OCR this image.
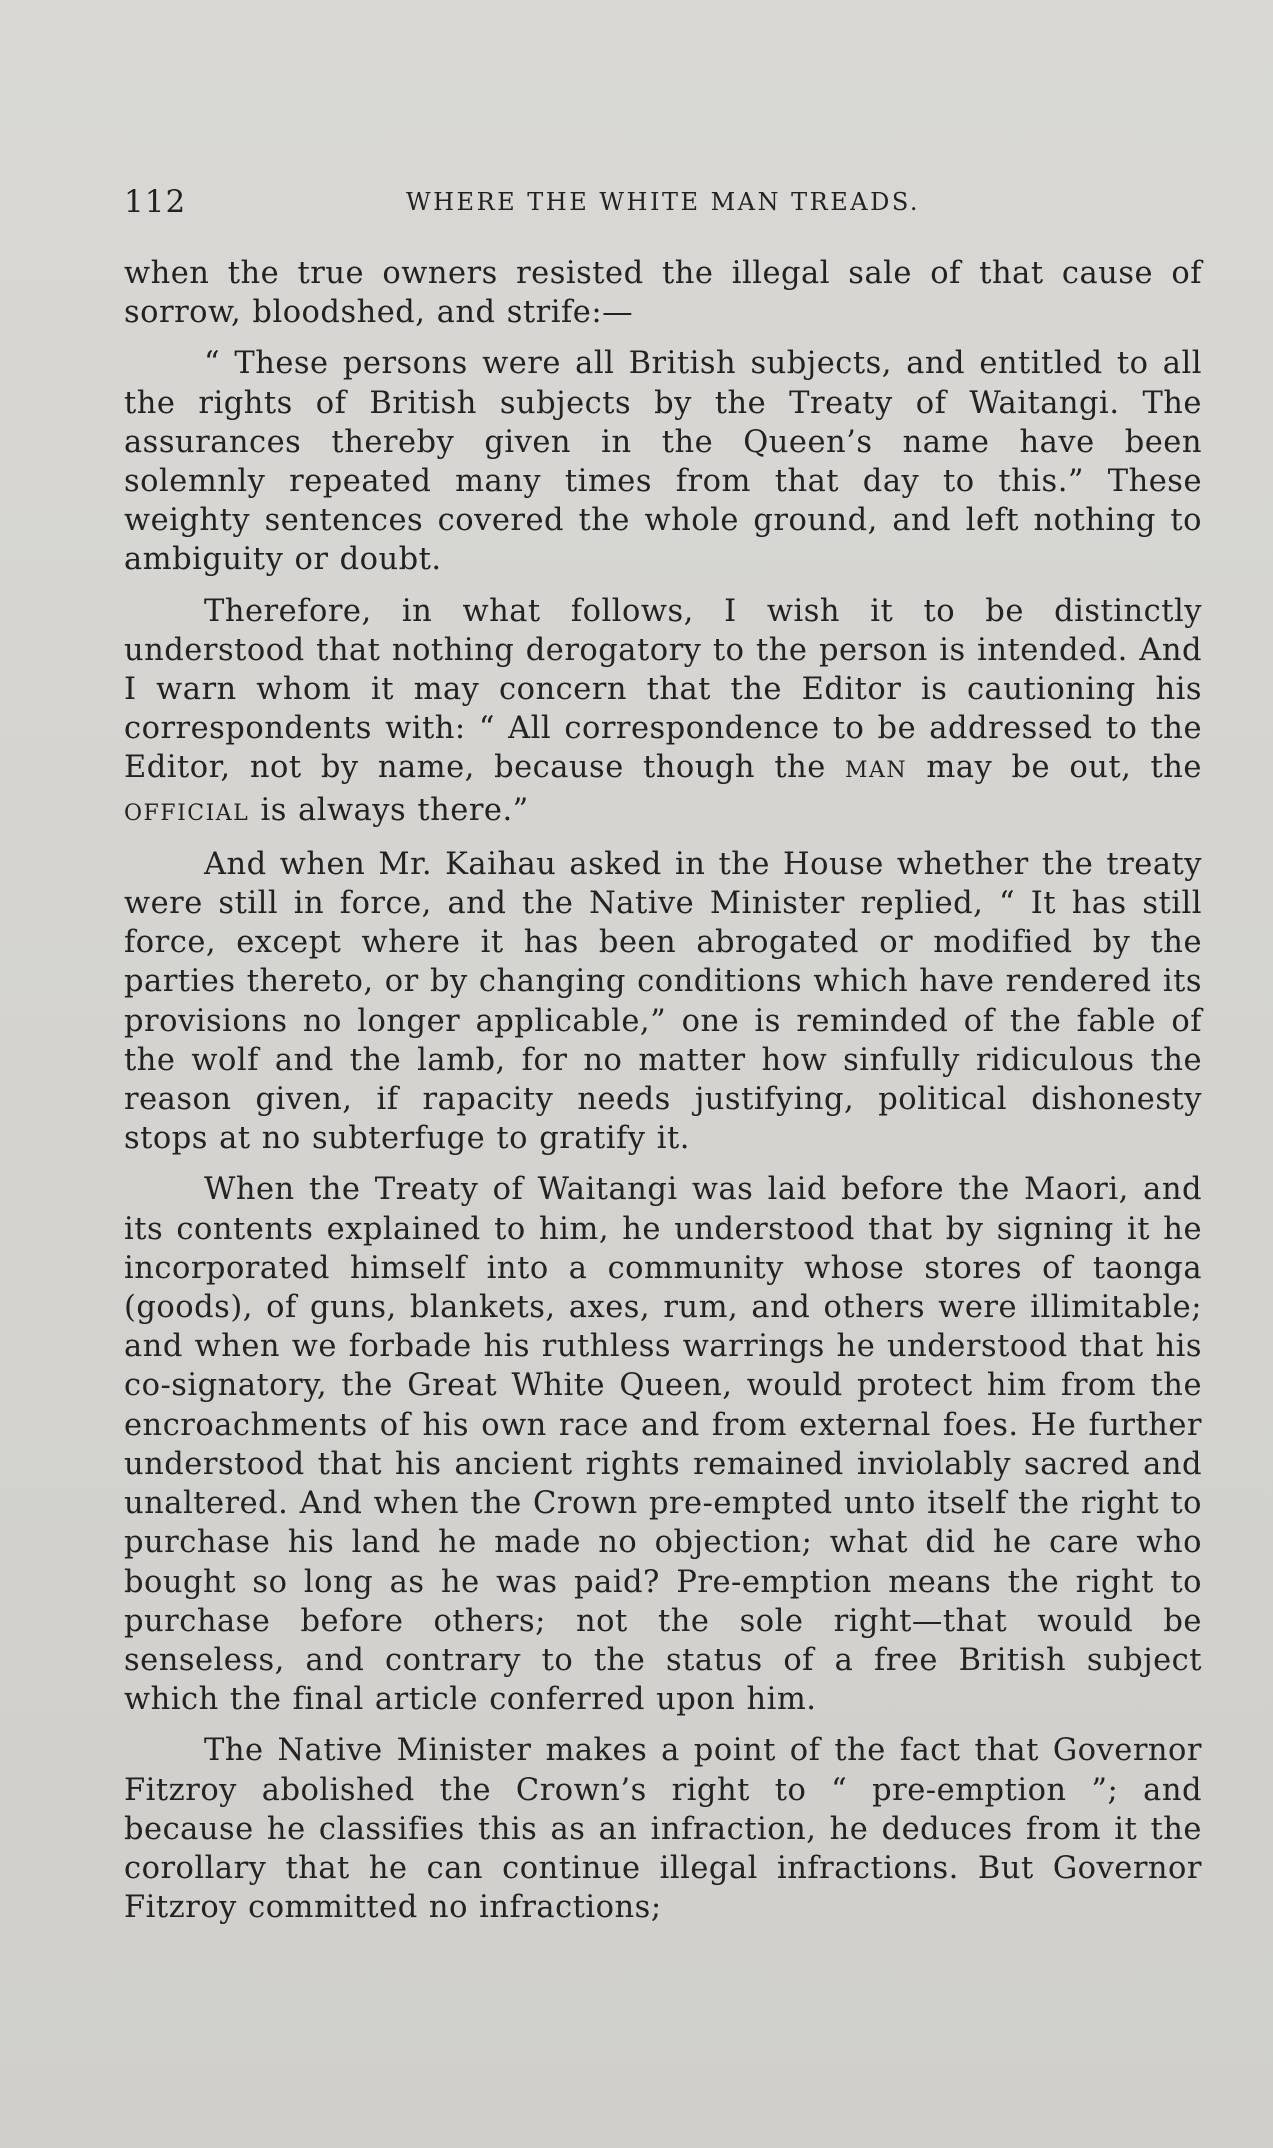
112	WHERE THE WHITE MAN TREADS.

when the true owners resisted the illegal sale of that cause of sorrow, bloodshed, and strife:—

“ These persons were all British subjects, and entitled to all the rights of British subjects by the Treaty of Waitangi. The assurances thereby given in the Queen’s name have been solemnly repeated many times from that day to this.” These weighty sentences covered the whole ground, and left nothing to ambiguity or doubt.

Therefore, in what follows, I wish it to be distinctly understood that nothing derogatory to the person is intended. And I warn whom it may concern that the Editor is cautioning his correspondents with: “ All correspondence to be addressed to the Editor, not by name, because though the MAN may be out, the OFFICIAL is always there.”

And when Mr. Kaihau asked in the House whether the treaty were still in force, and the Native Minister replied, “ It has still force, except where it has been abrogated or modified by the parties thereto, or by changing conditions which have rendered its provisions no longer applicable,” one is reminded of the fable of the wolf and the lamb, for no matter how sinfully ridiculous the reason given, if rapacity needs justifying, political dishonesty stops at no subterfuge to gratify it.

When the Treaty of Waitangi was laid before the Maori, and its contents explained to him, he understood that by signing it he incorporated himself into a community whose stores of taonga (goods), of guns, blankets, axes, rum, and others were illimitable; and when we forbade his ruthless warrings he understood that his co-signatory, the Great White Queen, would protect him from the encroachments of his own race and from external foes. He further understood that his ancient rights remained inviolably sacred and unaltered. And when the Crown pre-empted unto itself the right to purchase his land he made no objection; what did he care who bought so long as he was paid? Pre-emption means the right to purchase before others; not the sole right—that would be senseless, and contrary to the status of a free British subject which the final article conferred upon him.

The Native Minister makes a point of the fact that Governor Fitzroy abolished the Crown’s right to “ pre-emption ”; and because he classifies this as an infraction, he deduces from it the corollary that he can continue illegal infractions. But Governor Fitzroy committed no infractions;
